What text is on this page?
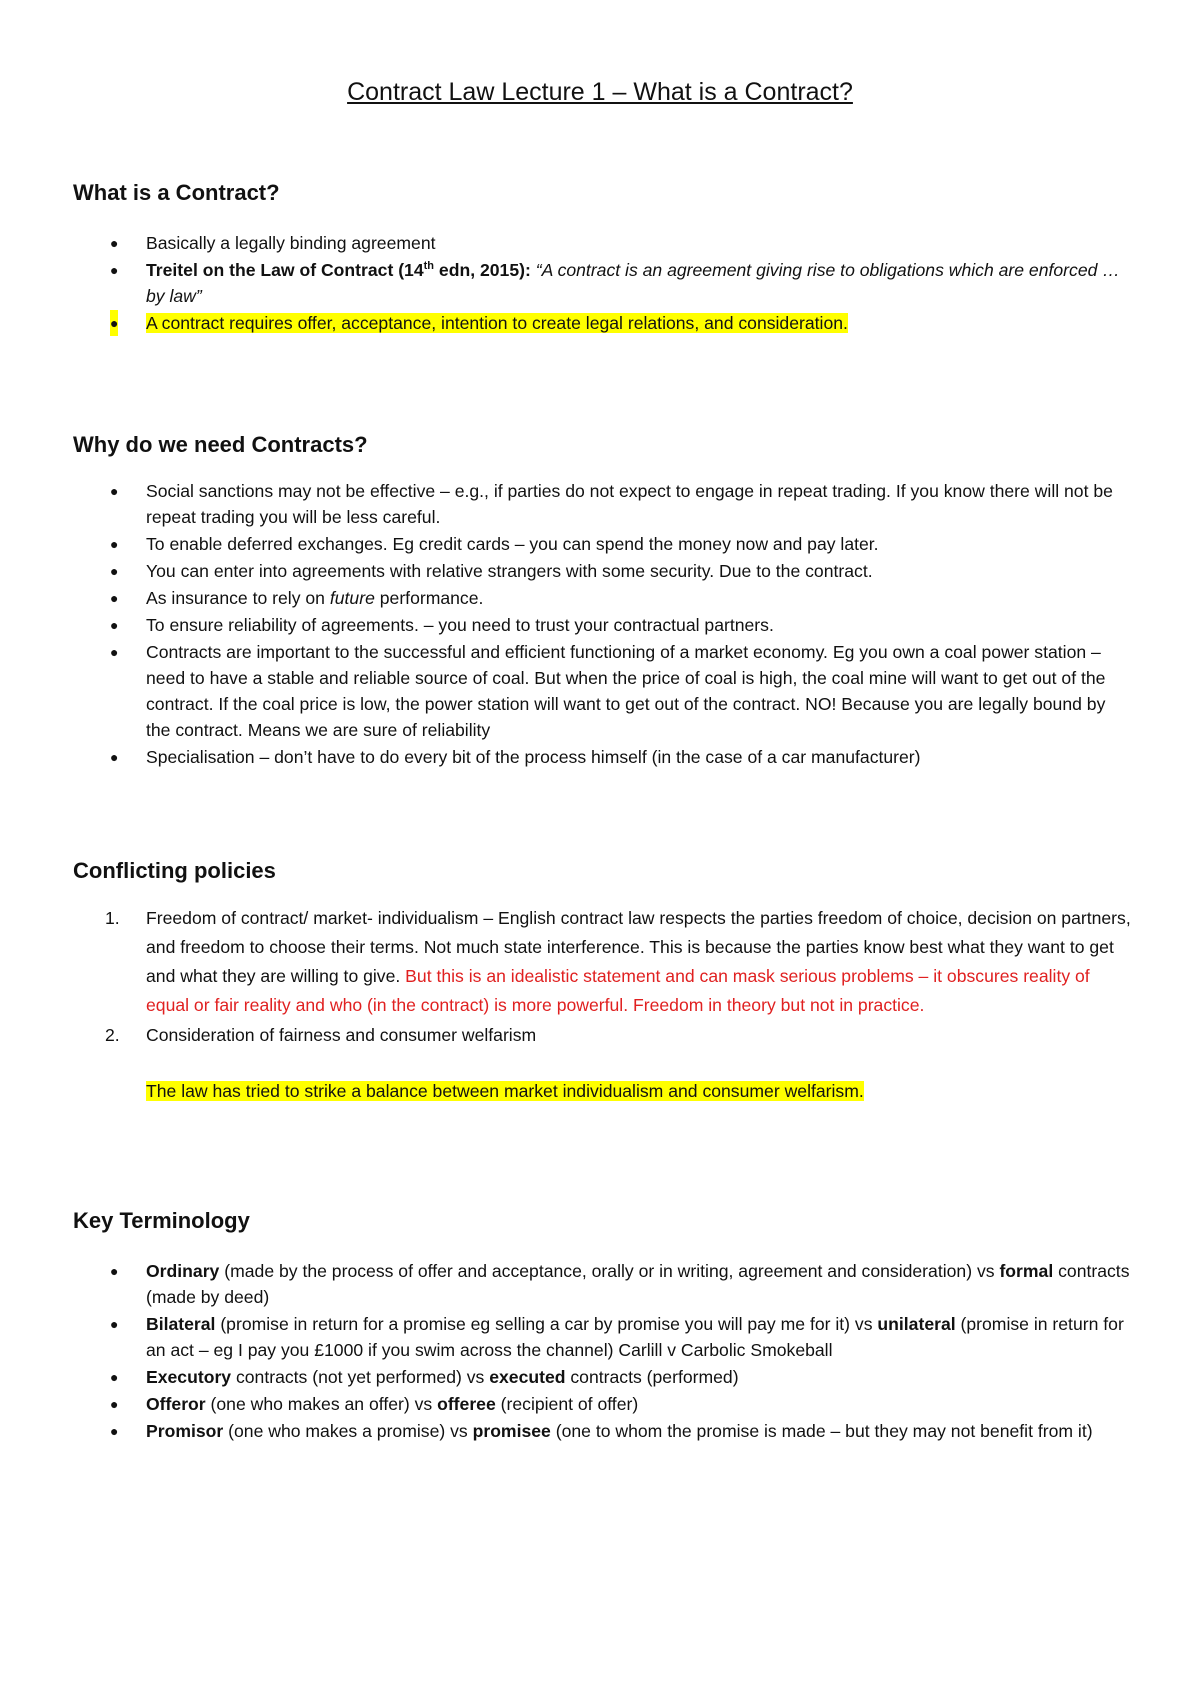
Contract Law Lecture 1 – What is a Contract?
What is a Contract?
● Basically a legally binding agreement
● Treitel on the Law of Contract (14th edn, 2015): “A contract is an agreement giving rise to obligations which are enforced … by law”
● A contract requires offer, acceptance, intention to create legal relations, and consideration.
Why do we need Contracts?
● Social sanctions may not be effective – e.g., if parties do not expect to engage in repeat trading. If you know there will not be repeat trading you will be less careful.
● To enable deferred exchanges. Eg credit cards – you can spend the money now and pay later.
● You can enter into agreements with relative strangers with some security. Due to the contract.
● As insurance to rely on future performance.
● To ensure reliability of agreements. – you need to trust your contractual partners.
● Contracts are important to the successful and efficient functioning of a market economy. Eg you own a coal power station – need to have a stable and reliable source of coal. But when the price of coal is high, the coal mine will want to get out of the contract. If the coal price is low, the power station will want to get out of the contract. NO! Because you are legally bound by the contract. Means we are sure of reliability
● Specialisation – don’t have to do every bit of the process himself (in the case of a car manufacturer)
Conflicting policies
1. Freedom of contract/ market- individualism – English contract law respects the parties freedom of choice, decision on partners, and freedom to choose their terms. Not much state interference. This is because the parties know best what they want to get and what they are willing to give. But this is an idealistic statement and can mask serious problems – it obscures reality of equal or fair reality and who (in the contract) is more powerful. Freedom in theory but not in practice.
2. Consideration of fairness and consumer welfarism
The law has tried to strike a balance between market individualism and consumer welfarism.
Key Terminology
● Ordinary (made by the process of offer and acceptance, orally or in writing, agreement and consideration) vs formal contracts (made by deed)
● Bilateral (promise in return for a promise eg selling a car by promise you will pay me for it) vs unilateral (promise in return for an act – eg I pay you £1000 if you swim across the channel) Carlill v Carbolic Smokeball
● Executory contracts (not yet performed) vs executed contracts (performed)
● Offeror (one who makes an offer) vs offeree (recipient of offer)
● Promisor (one who makes a promise) vs promisee (one to whom the promise is made – but they may not benefit from it)
